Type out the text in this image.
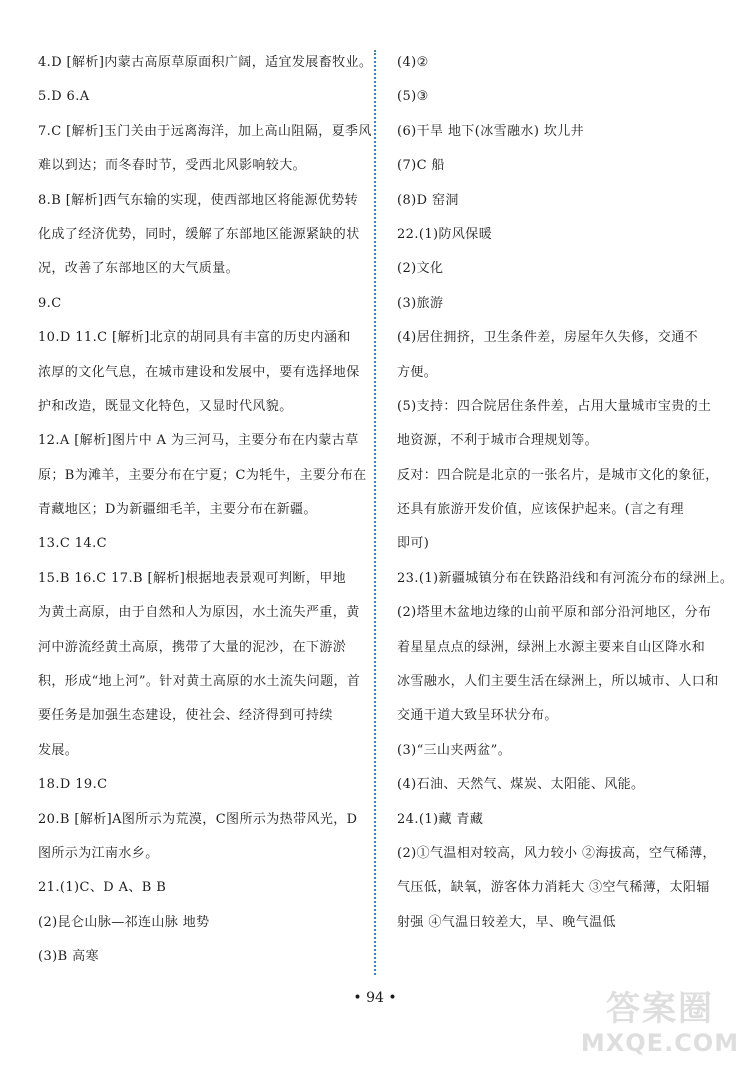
4.D [解析]内蒙古高原草原面积广阔，适宜发展畜牧业。
5.D 6.A
7.C [解析]玉门关由于远离海洋，加上高山阻隔，夏季风
难以到达；而冬春时节，受西北风影响较大。
8.B [解析]西气东输的实现，使西部地区将能源优势转
化成了经济优势，同时，缓解了东部地区能源紧缺的状
况，改善了东部地区的大气质量。
9.C
10.D 11.C [解析]北京的胡同具有丰富的历史内涵和
浓厚的文化气息，在城市建设和发展中，要有选择地保
护和改造，既显文化特色，又显时代风貌。
12.A [解析]图片中 A 为三河马，主要分布在内蒙古草
原；B为滩羊，主要分布在宁夏；C为牦牛，主要分布在
青藏地区；D为新疆细毛羊，主要分布在新疆。
13.C 14.C
15.B 16.C 17.B [解析]根据地表景观可判断，甲地
为黄土高原，由于自然和人为原因，水土流失严重，黄
河中游流经黄土高原，携带了大量的泥沙，在下游淤
积，形成“地上河”。针对黄土高原的水土流失问题，首
要任务是加强生态建设，使社会、经济得到可持续
发展。
18.D 19.C
20.B [解析]A图所示为荒漠，C图所示为热带风光，D
图所示为江南水乡。
21.(1)C、D A、B B
(2)昆仑山脉—祁连山脉 地势
(3)B 高寒
(4)②
(5)③
(6)干旱 地下(冰雪融水) 坎儿井
(7)C 船
(8)D 窑洞
22.(1)防风保暖
(2)文化
(3)旅游
(4)居住拥挤，卫生条件差，房屋年久失修，交通不
方便。
(5)支持：四合院居住条件差，占用大量城市宝贵的土
地资源，不利于城市合理规划等。
反对：四合院是北京的一张名片，是城市文化的象征，
还具有旅游开发价值，应该保护起来。(言之有理
即可)
23.(1)新疆城镇分布在铁路沿线和有河流分布的绿洲上。
(2)塔里木盆地边缘的山前平原和部分沿河地区，分布
着星星点点的绿洲，绿洲上水源主要来自山区降水和
冰雪融水，人们主要生活在绿洲上，所以城市、人口和
交通干道大致呈环状分布。
(3)“三山夹两盆”。
(4)石油、天然气、煤炭、太阳能、风能。
24.(1)藏 青藏
(2)①气温相对较高，风力较小 ②海拔高，空气稀薄，
气压低，缺氧，游客体力消耗大 ③空气稀薄，太阳辐
射强 ④气温日较差大，早、晚气温低
• 94 •	答案圈
MXQE.COM
